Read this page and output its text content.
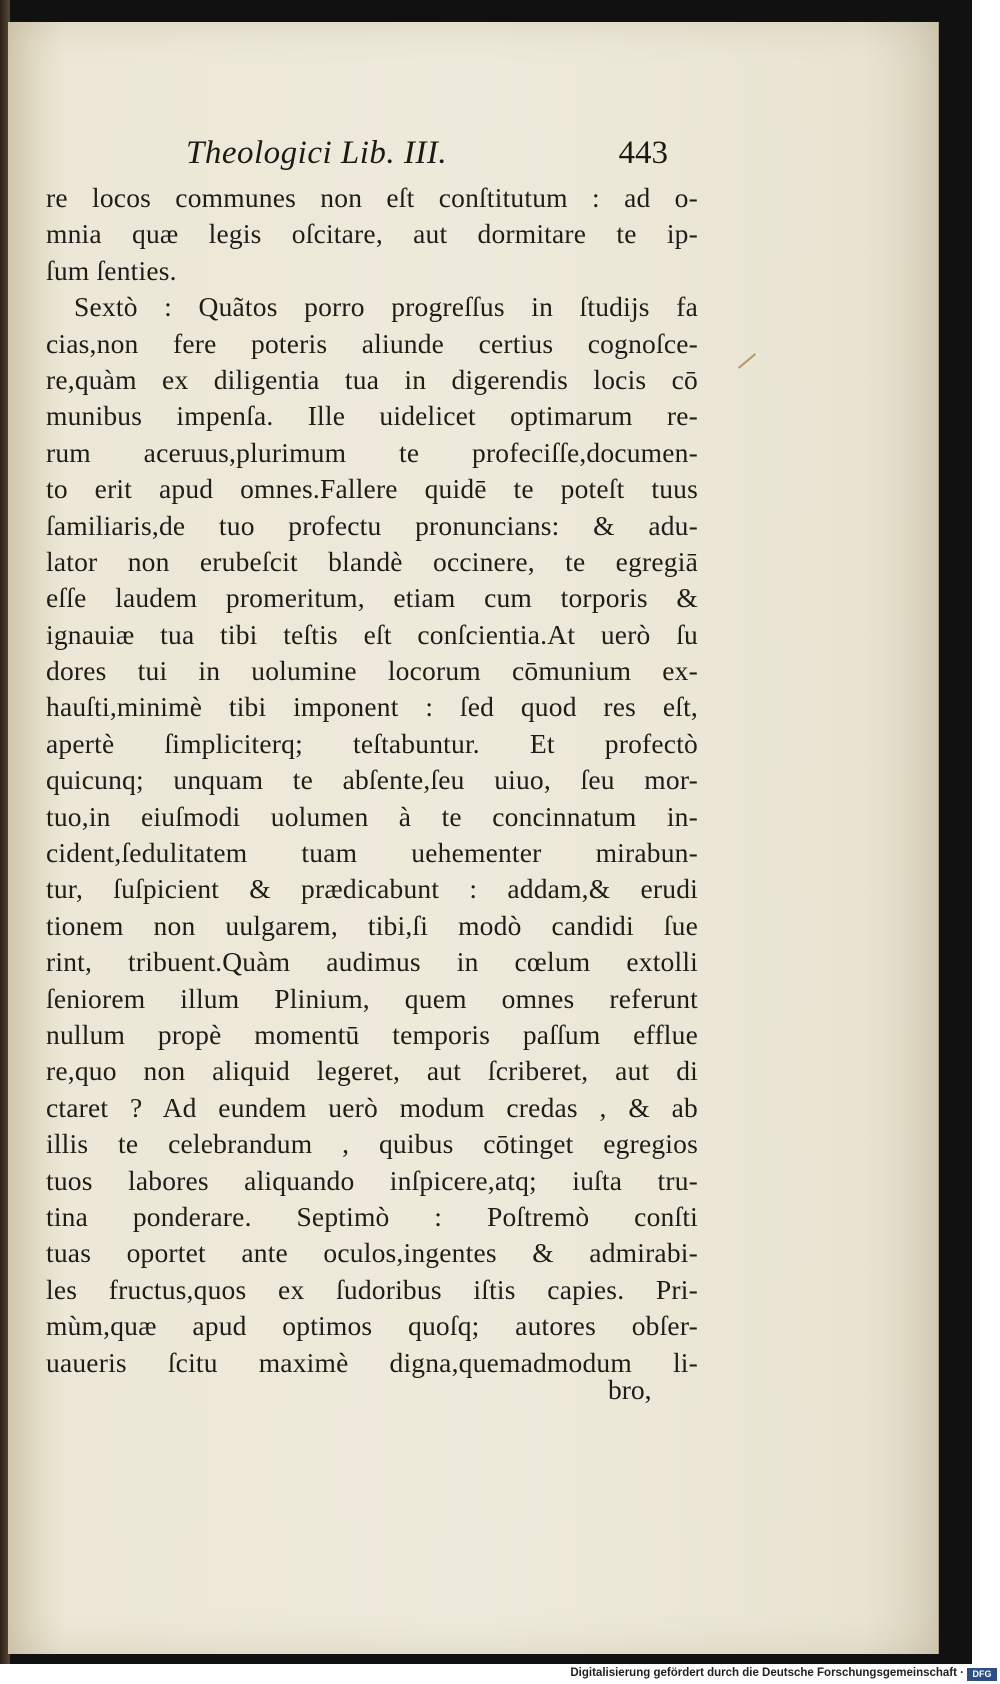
Theologici Lib. III.	443
re locos communes non eſt conſtitutum : ad o-
mnia quæ legis oſcitare, aut dormitare te ip-
ſum ſenties.
Sextò : Quãtos porro progreſſus in ſtudijs fa
cias,non fere poteris aliunde certius cognoſce-
re,quàm ex diligentia tua in digerendis locis cō
munibus impenſa. Ille uidelicet optimarum re-
rum aceruus,plurimum te profeciſſe,documen-
to erit apud omnes.Fallere quidē te poteſt tuus
ſamiliaris,de tuo profectu pronuncians: & adu-
lator non erubeſcit blandè occinere, te egregiā
eſſe laudem promeritum, etiam cum torporis &
ignauiæ tua tibi teſtis eſt conſcientia.At uerò ſu
dores tui in uolumine locorum cōmunium ex-
hauſti,minimè tibi imponent : ſed quod res eſt,
apertè ſimpliciterq; teſtabuntur. Et profectò
quicunq; unquam te abſente,ſeu uiuo, ſeu mor-
tuo,in eiuſmodi uolumen à te concinnatum in-
cident,ſedulitatem tuam uehementer mirabun-
tur, ſuſpicient & prædicabunt : addam,& erudi
tionem non uulgarem, tibi,ſi modò candidi ſue
rint, tribuent.Quàm audimus in cœlum extolli
ſeniorem illum Plinium, quem omnes referunt
nullum propè momentū temporis paſſum effluе
re,quo non aliquid legeret, aut ſcriberet, aut di
ctaret ? Ad eundem uerò modum credas , & ab
illis te celebrandum , quibus cōtinget egregios
tuos labores aliquando inſpicere,atq; iuſta tru-
tina ponderare. Septimò : Poſtremò conſti
tuas oportet ante oculos,ingentes & admirabi-
les fructus,quos ex ſudoribus iſtis capies. Pri-
mùm,quæ apud optimos quoſq; autores obſer-
uaueris ſcitu maximè digna,quemadmodum li-
bro,
Digitalisierung gefördert durch die Deutsche Forschungsgemeinschaft · DFG
